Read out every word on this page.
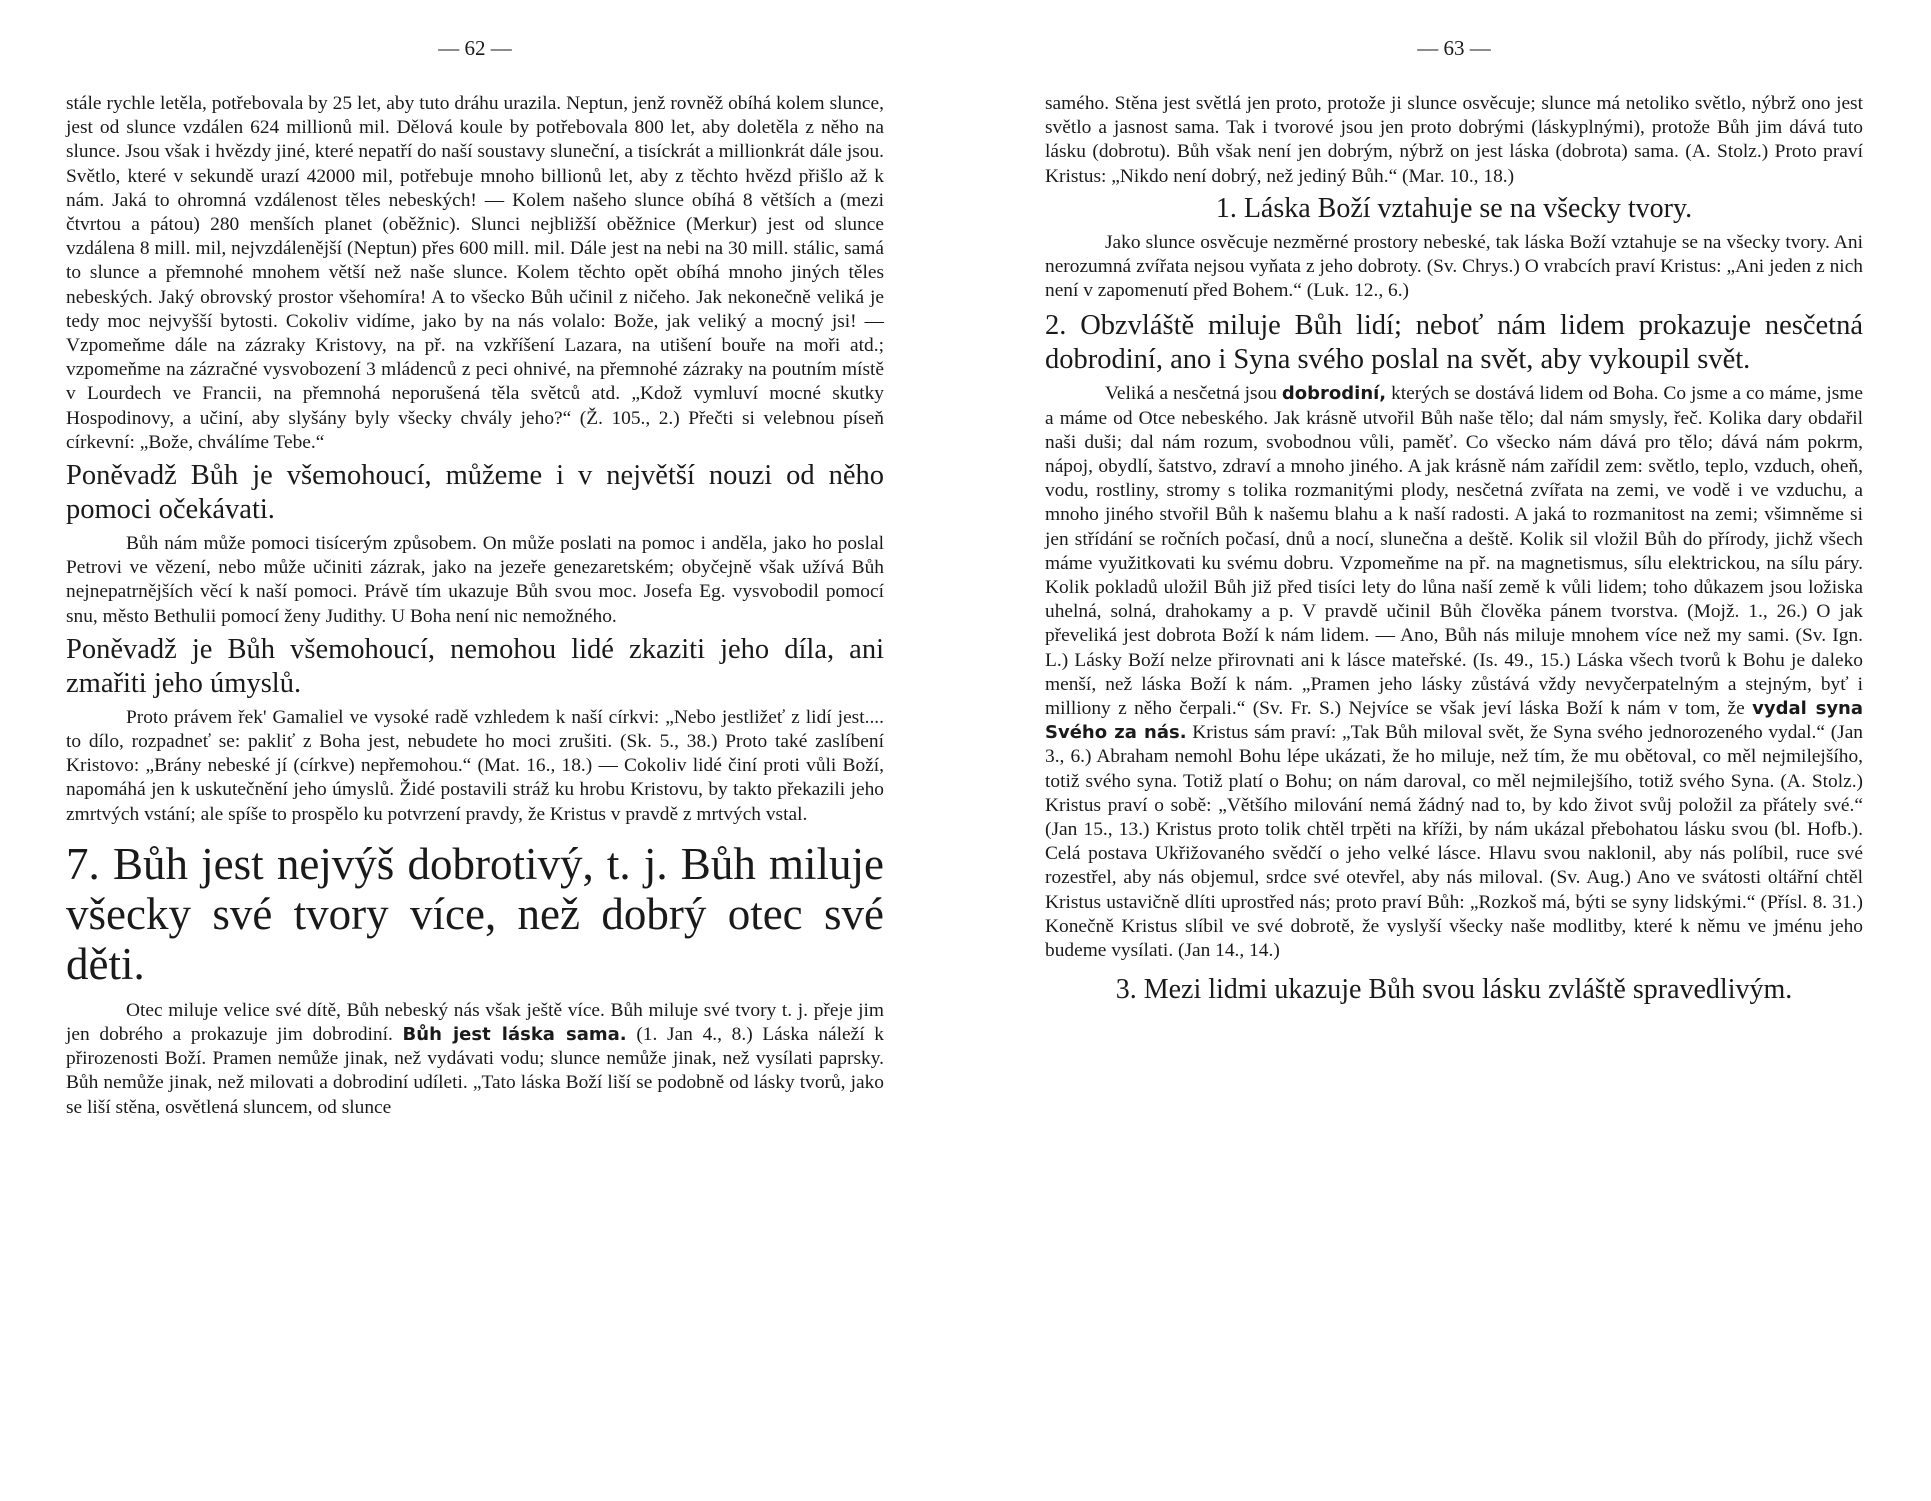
— 62 —

stále rychle letěla, potřebovala by 25 let, aby tuto dráhu urazila. Neptun, jenž rovněž obíhá kolem slunce, jest od slunce vzdálen 624 millionů mil. Dělová koule by potřebovala 800 let, aby doletěla z něho na slunce. Jsou však i hvězdy jiné, které nepatří do naší soustavy sluneční, a tisíckrát a millionkrát dále jsou. Světlo, které v sekundě urazí 42000 mil, potřebuje mnoho billionů let, aby z těchto hvězd přišlo až k nám. Jaká to ohromná vzdálenost těles nebeských! — Kolem našeho slunce obíhá 8 větších a (mezi čtvrtou a pátou) 280 menších planet (oběžnic). Slunci nejbližší oběžnice (Merkur) jest od slunce vzdálena 8 mill. mil, nejvzdálenější (Neptun) přes 600 mill. mil. Dále jest na nebi na 30 mill. stálic, samá to slunce a přemnohé mnohem větší než naše slunce. Kolem těchto opět obíhá mnoho jiných těles nebeských. Jaký obrovský prostor všehomíra! A to všecko Bůh učinil z ničeho. Jak nekonečně veliká je tedy moc nejvyšší bytosti. Cokoliv vidíme, jako by na nás volalo: Bože, jak veliký a mocný jsi! — Vzpomeňme dále na zázraky Kristovy, na př. na vzkříšení Lazara, na utišení bouře na moři atd.; vzpomeňme na zázračné vysvobození 3 mládenců z peci ohnivé, na přemnohé zázraky na poutním místě v Lourdech ve Francii, na přemnohá neporušená těla světců atd. „Kdož vymluví mocné skutky Hospodinovy, a učiní, aby slyšány byly všecky chvály jeho?“ (Ž. 105., 2.) Přečti si velebnou píseň církevní: „Bože, chválíme Tebe.“

Poněvadž Bůh je všemohoucí, můžeme i v největší nouzi od něho pomoci očekávati.

Bůh nám může pomoci tisícerým způsobem. On může poslati na pomoc i anděla, jako ho poslal Petrovi ve vězení, nebo může učiniti zázrak, jako na jezeře genezaretském; obyčejně však užívá Bůh nejnepatrnějších věcí k naší pomoci. Právě tím ukazuje Bůh svou moc. Josefa Eg. vysvobodil pomocí snu, město Bethulii pomocí ženy Judithy. U Boha není nic nemožného.

Poněvadž je Bůh všemohoucí, nemohou lidé zkaziti jeho díla, ani zmařiti jeho úmyslů.

Proto právem řek' Gamaliel ve vysoké radě vzhledem k naší církvi: „Nebo jestližeť z lidí jest.... to dílo, rozpadneť se: pakliť z Boha jest, nebudete ho moci zrušiti. (Sk. 5., 38.) Proto také zaslíbení Kristovo: „Brány nebeské jí (církve) nepřemohou.“ (Mat. 16., 18.) — Cokoliv lidé činí proti vůli Boží, napomáhá jen k uskutečnění jeho úmyslů. Židé postavili stráž ku hrobu Kristovu, by takto překazili jeho zmrtvých vstání; ale spíše to prospělo ku potvrzení pravdy, že Kristus v pravdě z mrtvých vstal.

7. Bůh jest nejvýš dobrotivý, t. j. Bůh miluje všecky své tvory více, než dobrý otec své děti.

Otec miluje velice své dítě, Bůh nebeský nás však ještě více. Bůh miluje své tvory t. j. přeje jim jen dobrého a prokazuje jim dobrodiní. Bůh jest láska sama. (1. Jan 4., 8.) Láska náleží k přirozenosti Boží. Pramen nemůže jinak, než vydávati vodu; slunce nemůže jinak, než vysílati paprsky. Bůh nemůže jinak, než milovati a dobrodiní udíleti. „Tato láska Boží liší se podobně od lásky tvorů, jako se liší stěna, osvětlená sluncem, od slunce

— 63 —

samého. Stěna jest světlá jen proto, protože ji slunce osvěcuje; slunce má netoliko světlo, nýbrž ono jest světlo a jasnost sama. Tak i tvorové jsou jen proto dobrými (láskyplnými), protože Bůh jim dává tuto lásku (dobrotu). Bůh však není jen dobrým, nýbrž on jest láska (dobrota) sama. (A. Stolz.) Proto praví Kristus: „Nikdo není dobrý, než jediný Bůh.“ (Mar. 10., 18.)

1. Láska Boží vztahuje se na všecky tvory.

Jako slunce osvěcuje nezměrné prostory nebeské, tak láska Boží vztahuje se na všecky tvory. Ani nerozumná zvířata nejsou vyňata z jeho dobroty. (Sv. Chrys.) O vrabcích praví Kristus: „Ani jeden z nich není v zapomenutí před Bohem.“ (Luk. 12., 6.)

2. Obzvláště miluje Bůh lidí; neboť nám lidem prokazuje nesčetná dobrodiní, ano i Syna svého poslal na svět, aby vykoupil svět.

Veliká a nesčetná jsou dobrodiní, kterých se dostává lidem od Boha. Co jsme a co máme, jsme a máme od Otce nebeského. Jak krásně utvořil Bůh naše tělo; dal nám smysly, řeč. Kolika dary obdařil naši duši; dal nám rozum, svobodnou vůli, paměť. Co všecko nám dává pro tělo; dává nám pokrm, nápoj, obydlí, šatstvo, zdraví a mnoho jiného. A jak krásně nám zařídil zem: světlo, teplo, vzduch, oheň, vodu, rostliny, stromy s tolika rozmanitými plody, nesčetná zvířata na zemi, ve vodě i ve vzduchu, a mnoho jiného stvořil Bůh k našemu blahu a k naší radosti. A jaká to rozmanitost na zemi; všimněme si jen střídání se ročních počasí, dnů a nocí, slunečna a deště. Kolik sil vložil Bůh do přírody, jichž všech máme využitkovati ku svému dobru. Vzpomeňme na př. na magnetismus, sílu elektrickou, na sílu páry. Kolik pokladů uložil Bůh již před tisíci lety do lůna naší země k vůli lidem; toho důkazem jsou ložiska uhelná, solná, drahokamy a p. V pravdě učinil Bůh člověka pánem tvorstva. (Mojž. 1., 26.) O jak převeliká jest dobrota Boží k nám lidem. — Ano, Bůh nás miluje mnohem více než my sami. (Sv. Ign. L.) Lásky Boží nelze přirovnati ani k lásce mateřské. (Is. 49., 15.) Láska všech tvorů k Bohu je daleko menší, než láska Boží k nám. „Pramen jeho lásky zůstává vždy nevyčerpatelným a stejným, byť i milliony z něho čerpali.“ (Sv. Fr. S.) Nejvíce se však jeví láska Boží k nám v tom, že vydal syna Svého za nás. Kristus sám praví: „Tak Bůh miloval svět, že Syna svého jednorozeného vydal.“ (Jan 3., 6.) Abraham nemohl Bohu lépe ukázati, že ho miluje, než tím, že mu obětoval, co měl nejmilejšího, totiž svého syna. Totiž platí o Bohu; on nám daroval, co měl nejmilejšího, totiž svého Syna. (A. Stolz.) Kristus praví o sobě: „Většího milování nemá žádný nad to, by kdo život svůj položil za přátely své.“ (Jan 15., 13.) Kristus proto tolik chtěl trpěti na kříži, by nám ukázal přebohatou lásku svou (bl. Hofb.). Celá postava Ukřižovaného svědčí o jeho velké lásce. Hlavu svou naklonil, aby nás políbil, ruce své rozestřel, aby nás objemul, srdce své otevřel, aby nás miloval. (Sv. Aug.) Ano ve svátosti oltářní chtěl Kristus ustavičně dlíti uprostřed nás; proto praví Bůh: „Rozkoš má, býti se syny lidskými.“ (Přísl. 8. 31.) Konečně Kristus slíbil ve své dobrotě, že vyslyší všecky naše modlitby, které k němu ve jménu jeho budeme vysílati. (Jan 14., 14.)

3. Mezi lidmi ukazuje Bůh svou lásku zvláště spravedlivým.
